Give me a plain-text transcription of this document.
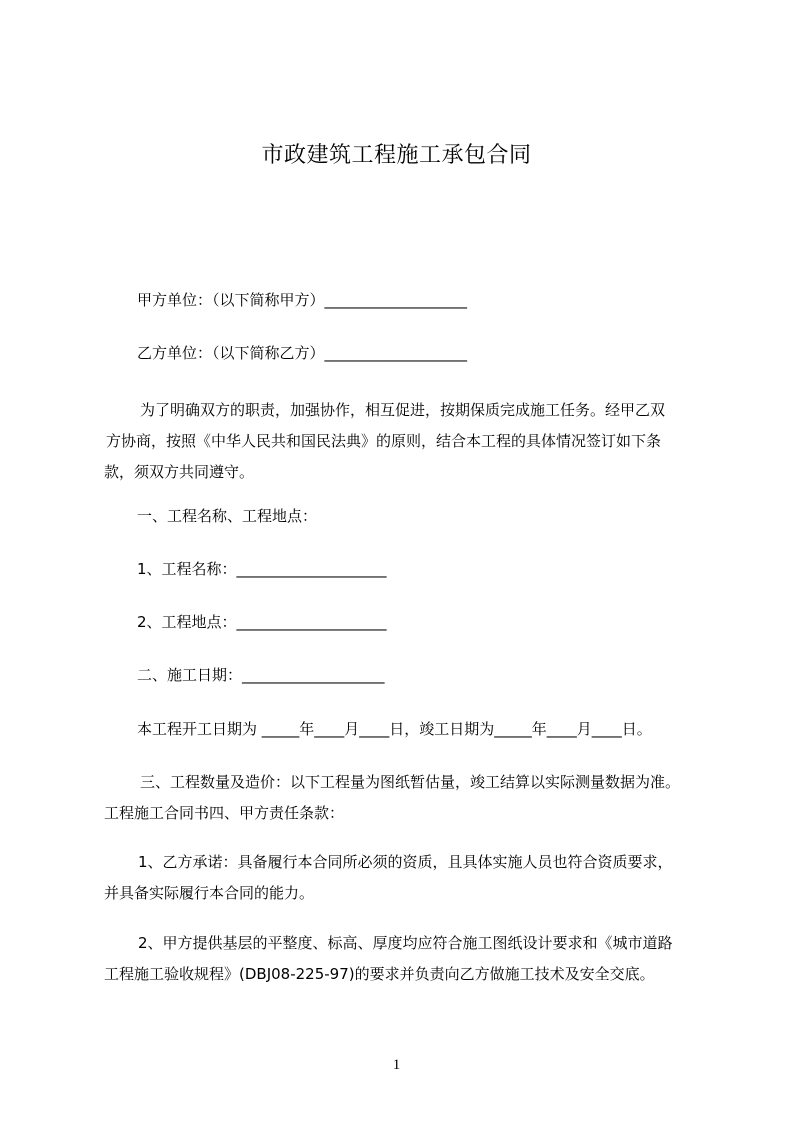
市政建筑工程施工承包合同
甲方单位：（以下简称甲方）___________________
乙方单位：（以下简称乙方）___________________
为了明确双方的职责，加强协作，相互促进，按期保质完成施工任务。经甲乙双
方协商，按照《中华人民共和国民法典》的原则，结合本工程的具体情况签订如下条
款，须双方共同遵守。
一、工程名称、工程地点：
1、工程名称：____________________
2、工程地点：____________________
二、施工日期：___________________
本工程开工日期为 _____年____月____日，竣工日期为_____年____月____日。
三、工程数量及造价：以下工程量为图纸暂估量，竣工结算以实际测量数据为准。
工程施工合同书四、甲方责任条款：
1、乙方承诺：具备履行本合同所必须的资质，且具体实施人员也符合资质要求，
并具备实际履行本合同的能力。
2、甲方提供基层的平整度、标高、厚度均应符合施工图纸设计要求和《城市道路
工程施工验收规程》(DBJ08-225-97)的要求并负责向乙方做施工技术及安全交底。
1
